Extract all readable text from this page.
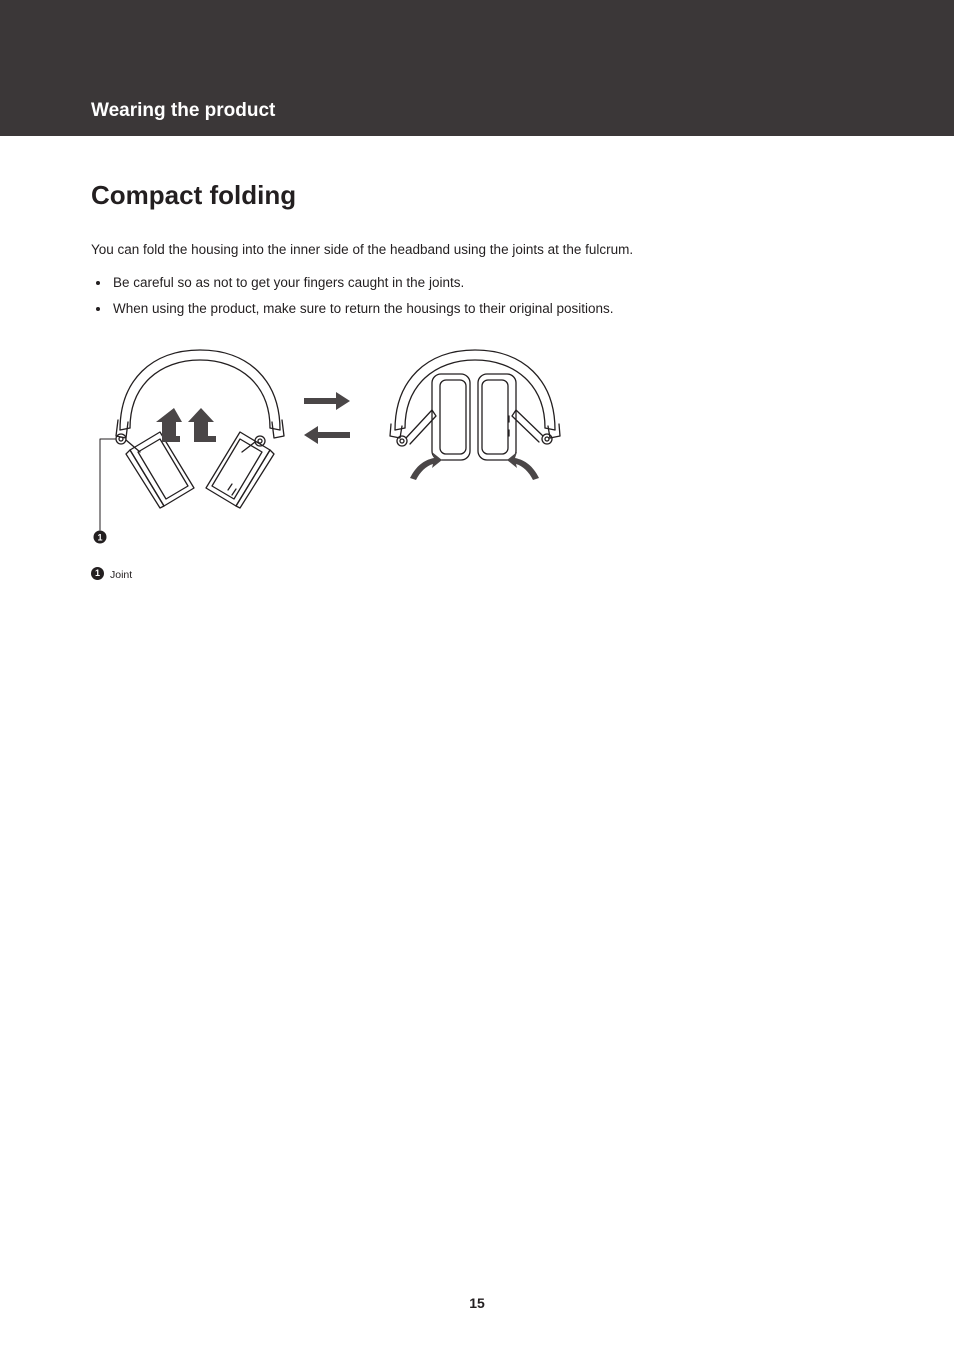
Wearing the product
Compact folding
You can fold the housing into the inner side of the headband using the joints at the fulcrum.
Be careful so as not to get your fingers caught in the joints.
When using the product, make sure to return the housings to their original positions.
1
1 Joint
15
